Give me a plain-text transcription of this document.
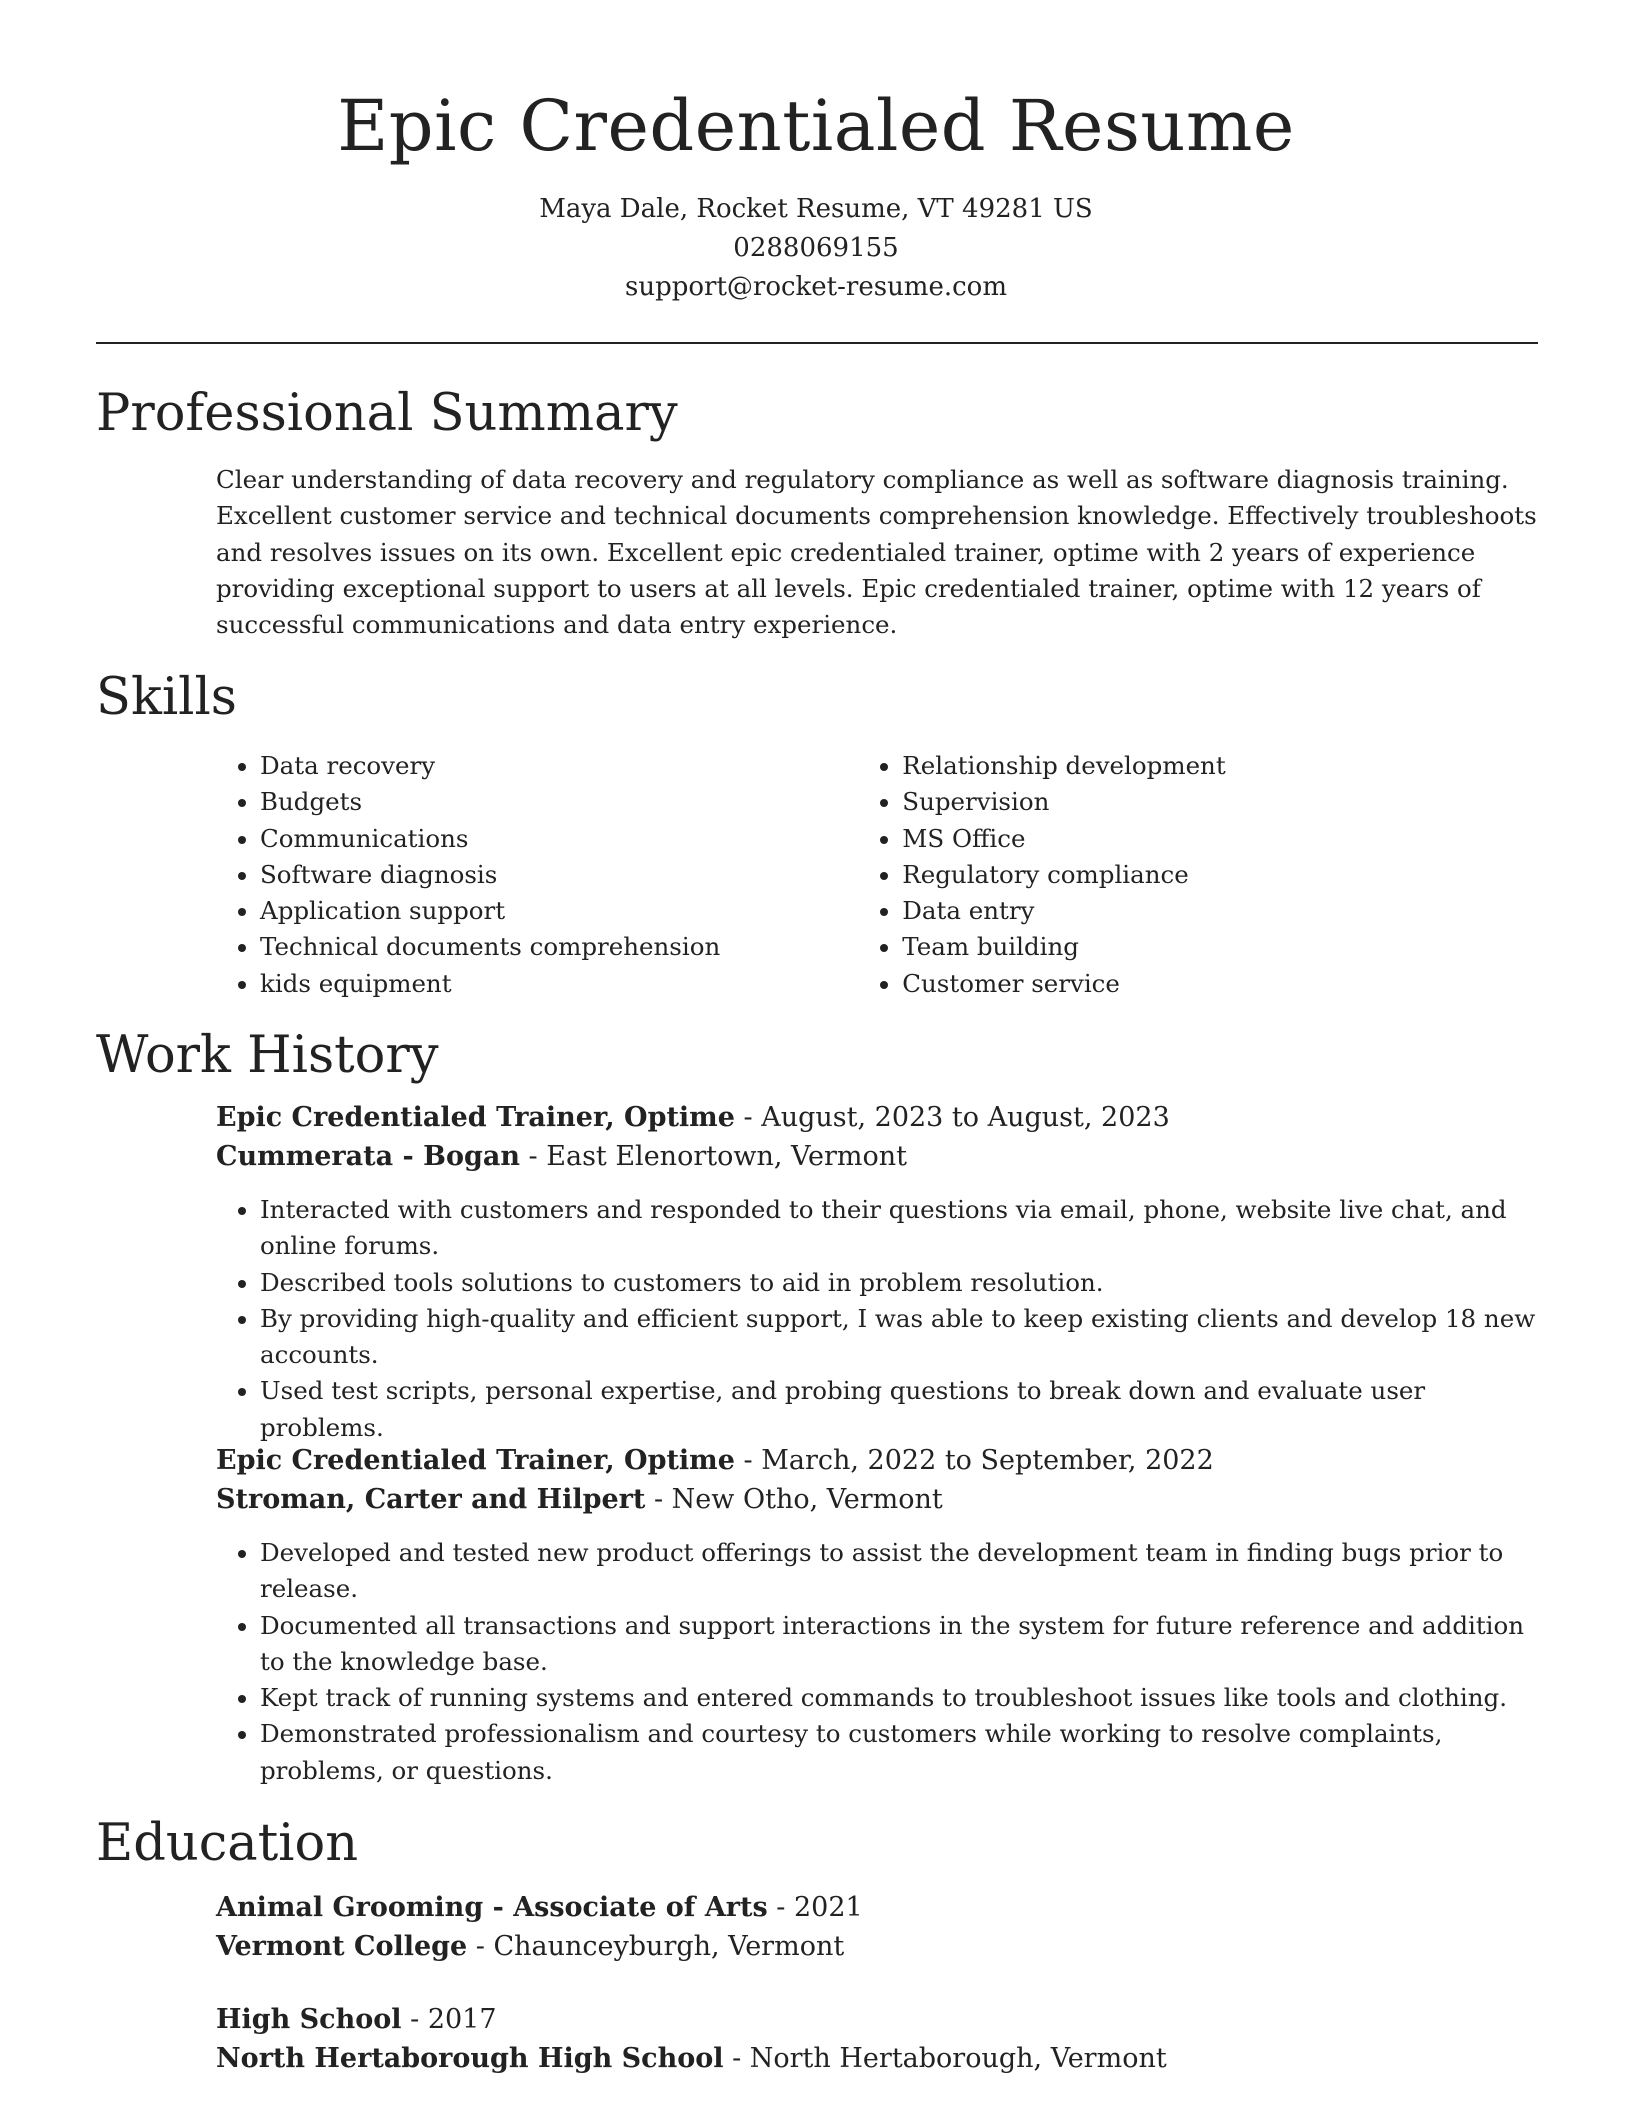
Epic Credentialed Resume
Maya Dale, Rocket Resume, VT 49281 US
0288069155
support@rocket-resume.com
Professional Summary

Clear understanding of data recovery and regulatory compliance as well as software diagnosis training. Excellent customer service and technical documents comprehension knowledge. Effectively troubleshoots and resolves issues on its own. Excellent epic credentialed trainer, optime with 2 years of experience providing exceptional support to users at all levels. Epic credentialed trainer, optime with 12 years of successful communications and data entry experience.

Skills
• Data recovery
• Budgets
• Communications
• Software diagnosis
• Application support
• Technical documents comprehension
• kids equipment
• Relationship development
• Supervision
• MS Office
• Regulatory compliance
• Data entry
• Team building
• Customer service
Work History
Epic Credentialed Trainer, Optime - August, 2023 to August, 2023
Cummerata - Bogan - East Elenortown, Vermont
• Interacted with customers and responded to their questions via email, phone, website live chat, and online forums.
• Described tools solutions to customers to aid in problem resolution.
• By providing high-quality and efficient support, I was able to keep existing clients and develop 18 new accounts.
• Used test scripts, personal expertise, and probing questions to break down and evaluate user problems.
Epic Credentialed Trainer, Optime - March, 2022 to September, 2022
Stroman, Carter and Hilpert - New Otho, Vermont
• Developed and tested new product offerings to assist the development team in finding bugs prior to release.
• Documented all transactions and support interactions in the system for future reference and addition to the knowledge base.
• Kept track of running systems and entered commands to troubleshoot issues like tools and clothing.
• Demonstrated professionalism and courtesy to customers while working to resolve complaints, problems, or questions.
Education
Animal Grooming - Associate of Arts - 2021
Vermont College - Chaunceyburgh, Vermont
High School - 2017
North Hertaborough High School - North Hertaborough, Vermont
